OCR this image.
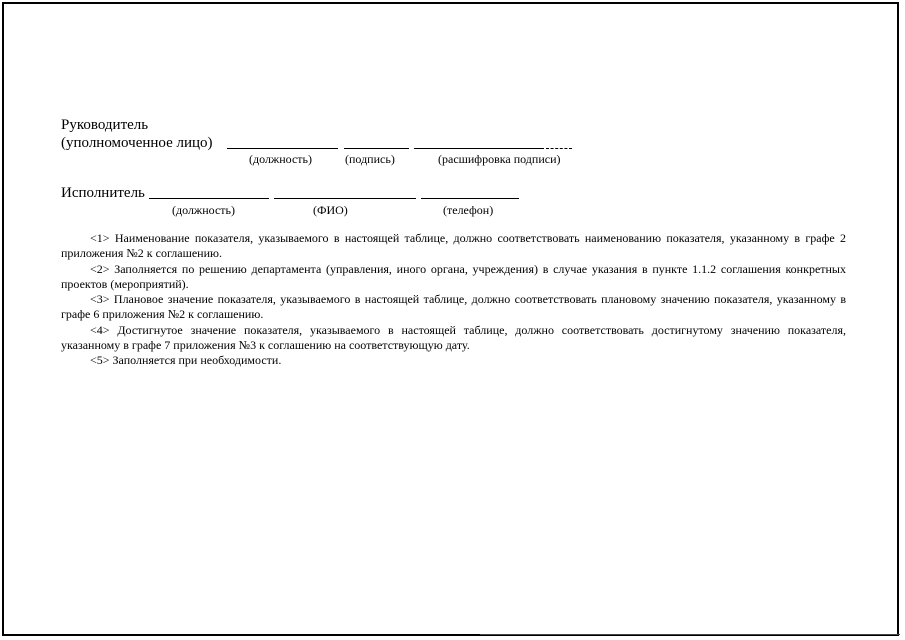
Руководитель
(уполномоченное лицо)
(должность)	(подпись)	(расшифровка подписи)
Исполнитель
(должность)	(ФИО)	(телефон)

<1> Наименование показателя, указываемого в настоящей таблице, должно соответствовать наименованию показателя, указанному в графе 2 приложения №2 к соглашению.

<2> Заполняется по решению департамента (управления, иного органа, учреждения) в случае указания в пункте 1.1.2 соглашения конкретных проектов (мероприятий).

<3> Плановое значение показателя, указываемого в настоящей таблице, должно соответствовать плановому значению показателя, указанному в графе 6 приложения №2 к соглашению.

<4> Достигнутое значение показателя, указываемого в настоящей таблице, должно соответствовать достигнутому значению показателя, указанному в графе 7 приложения №3 к соглашению на соответствующую дату.

<5> Заполняется при необходимости.
